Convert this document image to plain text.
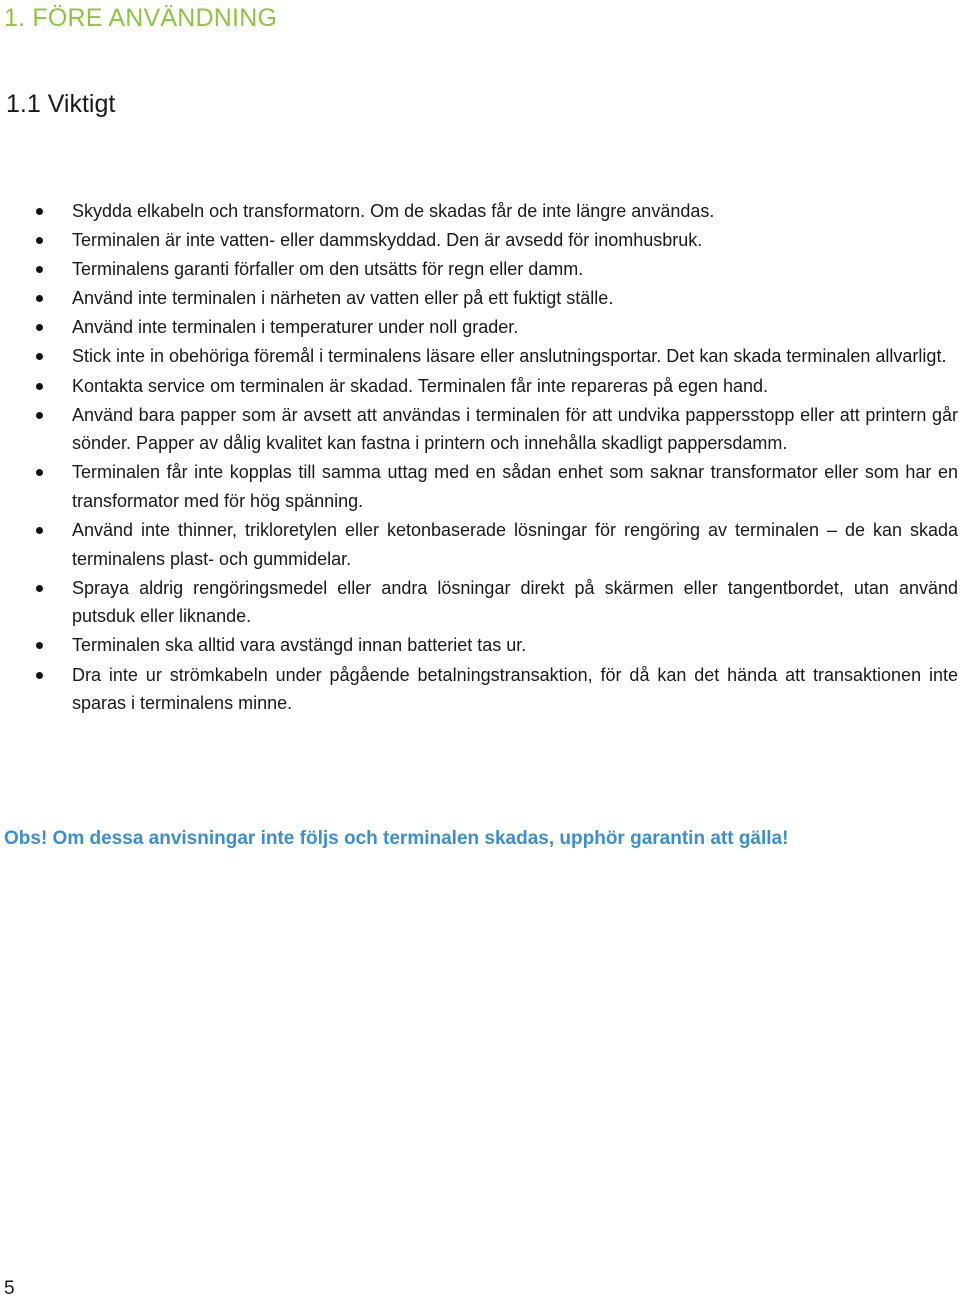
1. FÖRE ANVÄNDNING
1.1 Viktigt
Skydda elkabeln och transformatorn. Om de skadas får de inte längre användas.
Terminalen är inte vatten- eller dammskyddad. Den är avsedd för inomhusbruk.
Terminalens garanti förfaller om den utsätts för regn eller damm.
Använd inte terminalen i närheten av vatten eller på ett fuktigt ställe.
Använd inte terminalen i temperaturer under noll grader.
Stick inte in obehöriga föremål i terminalens läsare eller anslutningsportar. Det kan skada terminalen allvarligt.
Kontakta service om terminalen är skadad. Terminalen får inte repareras på egen hand.
Använd bara papper som är avsett att användas i terminalen för att undvika pappersstopp eller att printern går sönder. Papper av dålig kvalitet kan fastna i printern och innehålla skadligt pappersdamm.
Terminalen får inte kopplas till samma uttag med en sådan enhet som saknar transformator eller som har en transformator med för hög spänning.
Använd inte thinner, trikloretylen eller ketonbaserade lösningar för rengöring av terminalen – de kan skada terminalens plast- och gummidelar.
Spraya aldrig rengöringsmedel eller andra lösningar direkt på skärmen eller tangentbordet, utan använd putsduk eller liknande.
Terminalen ska alltid vara avstängd innan batteriet tas ur.
Dra inte ur strömkabeln under pågående betalningstransaktion, för då kan det hända att transaktionen inte sparas i terminalens minne.
Obs! Om dessa anvisningar inte följs och terminalen skadas, upphör garantin att gälla!
5
